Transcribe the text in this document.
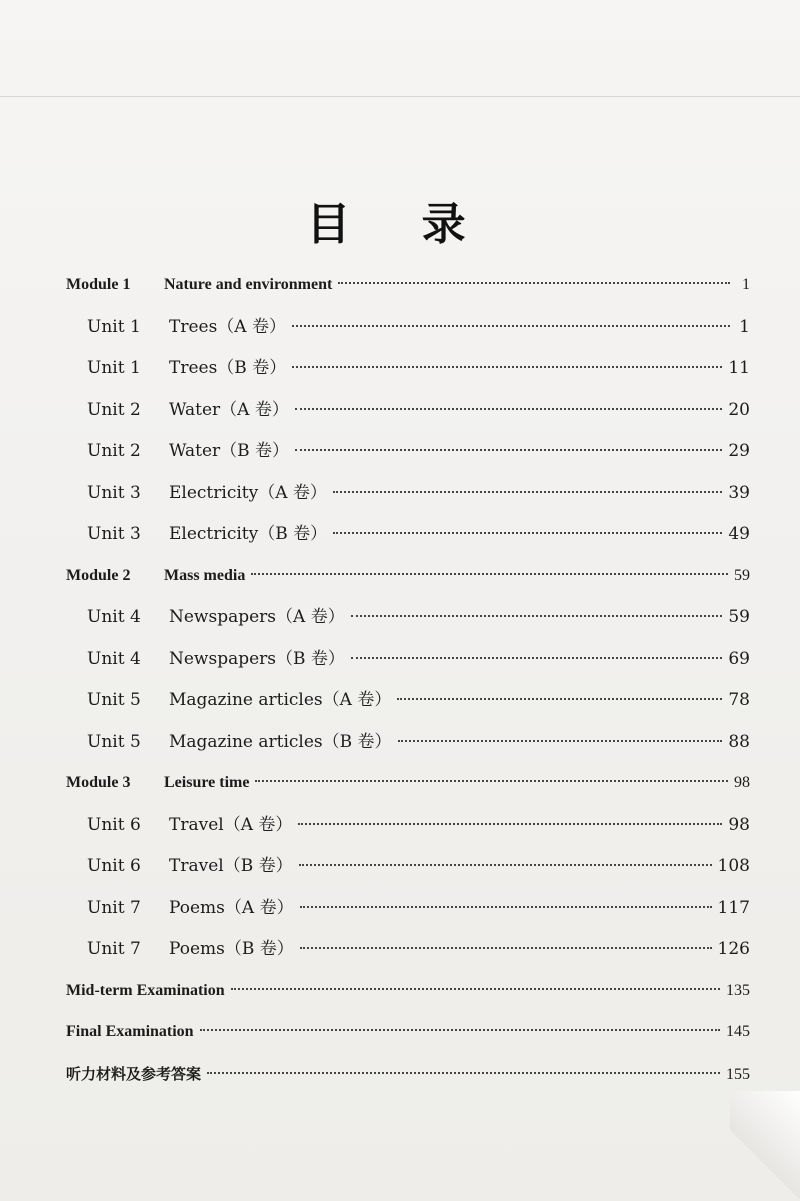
目 录
Module 1	Nature and environment	1
Unit 1	Trees（A 卷）	1
Unit 1	Trees（B 卷）	11
Unit 2	Water（A 卷）	20
Unit 2	Water（B 卷）	29
Unit 3	Electricity（A 卷）	39
Unit 3	Electricity（B 卷）	49
Module 2	Mass media	59
Unit 4	Newspapers（A 卷）	59
Unit 4	Newspapers（B 卷）	69
Unit 5	Magazine articles（A 卷）	78
Unit 5	Magazine articles（B 卷）	88
Module 3	Leisure time	98
Unit 6	Travel（A 卷）	98
Unit 6	Travel（B 卷）	108
Unit 7	Poems（A 卷）	117
Unit 7	Poems（B 卷）	126
Mid-term Examination	135
Final Examination	145
听力材料及参考答案	155
